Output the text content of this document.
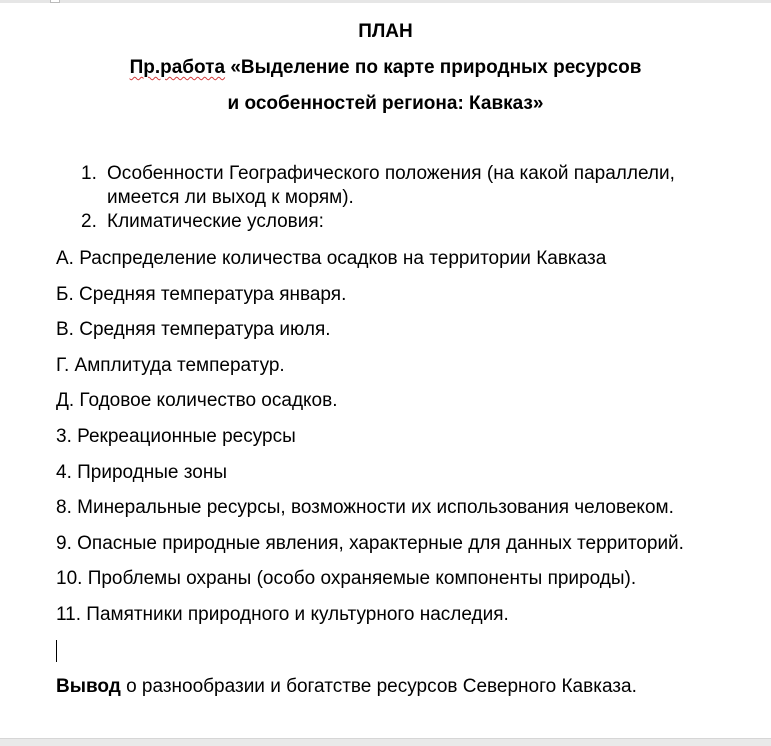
ПЛАН
Пр.работа «Выделение по карте природных ресурсов
и особенностей региона: Кавказ»
1. Особенности Географического положения (на какой параллели, имеется ли выход к морям).
2. Климатические условия:
А. Распределение количества осадков на территории Кавказа
Б. Средняя температура января.
В. Средняя температура июля.
Г. Амплитуда температур.
Д. Годовое количество осадков.
3. Рекреационные ресурсы
4. Природные зоны
8. Минеральные ресурсы, возможности их использования человеком.
9. Опасные природные явления, характерные для данных территорий.
10. Проблемы охраны (особо охраняемые компоненты природы).
11. Памятники природного и культурного наследия.
Вывод о разнообразии и богатстве ресурсов Северного Кавказа.
